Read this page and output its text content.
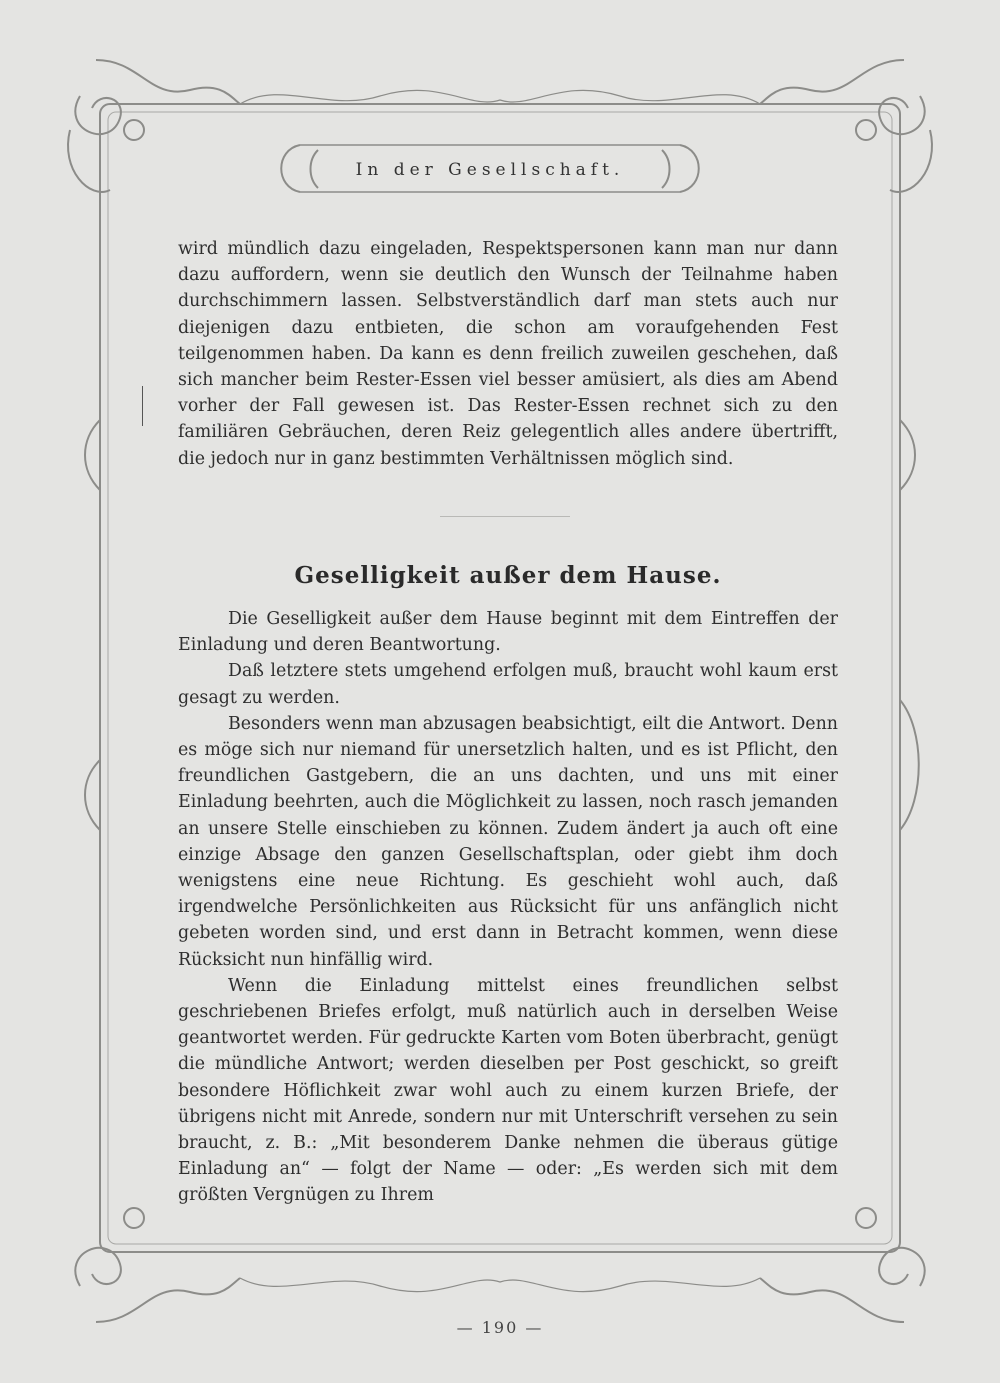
In der Gesellschaft.

wird mündlich dazu eingeladen, Respektspersonen kann man nur dann dazu auffordern, wenn sie deutlich den Wunsch der Teilnahme haben durchschimmern lassen. Selbstverständlich darf man stets auch nur diejenigen dazu entbieten, die schon am voraufgehenden Fest teilgenommen haben. Da kann es denn freilich zuweilen geschehen, daß sich mancher beim Rester-Essen viel besser amüsiert, als dies am Abend vorher der Fall gewesen ist. Das Rester-Essen rechnet sich zu den familiären Gebräuchen, deren Reiz gelegentlich alles andere übertrifft, die jedoch nur in ganz bestimmten Verhältnissen möglich sind.

Geselligkeit außer dem Hause.

Die Geselligkeit außer dem Hause beginnt mit dem Eintreffen der Einladung und deren Beantwortung.

Daß letztere stets umgehend erfolgen muß, braucht wohl kaum erst gesagt zu werden.

Besonders wenn man abzusagen beabsichtigt, eilt die Antwort. Denn es möge sich nur niemand für unersetzlich halten, und es ist Pflicht, den freundlichen Gastgebern, die an uns dachten, und uns mit einer Einladung beehrten, auch die Möglichkeit zu lassen, noch rasch jemanden an unsere Stelle einschieben zu können. Zudem ändert ja auch oft eine einzige Absage den ganzen Gesellschaftsplan, oder giebt ihm doch wenigstens eine neue Richtung. Es geschieht wohl auch, daß irgendwelche Persönlichkeiten aus Rücksicht für uns anfänglich nicht gebeten worden sind, und erst dann in Betracht kommen, wenn diese Rücksicht nun hinfällig wird.

Wenn die Einladung mittelst eines freundlichen selbst geschriebenen Briefes erfolgt, muß natürlich auch in derselben Weise geantwortet werden. Für gedruckte Karten vom Boten überbracht, genügt die mündliche Antwort; werden dieselben per Post geschickt, so greift besondere Höflichkeit zwar wohl auch zu einem kurzen Briefe, der übrigens nicht mit Anrede, sondern nur mit Unterschrift versehen zu sein braucht, z. B.: „Mit besonderem Danke nehmen die überaus gütige Einladung an“ — folgt der Name — oder: „Es werden sich mit dem größten Vergnügen zu Ihrem

— 190 —
